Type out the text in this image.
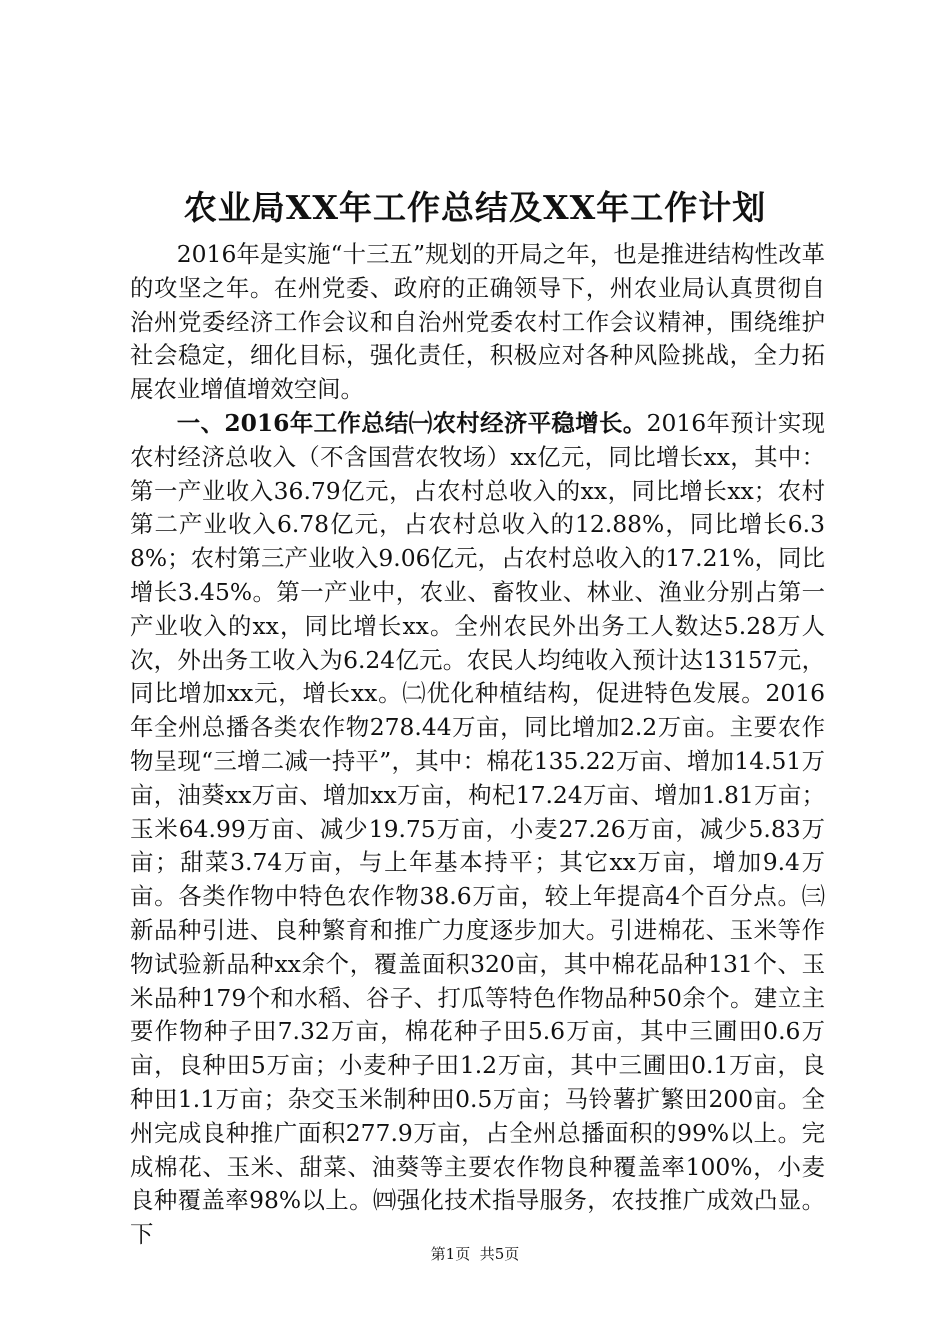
农业局XX年工作总结及XX年工作计划

2016年是实施“十三五”规划的开局之年，也是推进结构性改革的攻坚之年。在州党委、政府的正确领导下，州农业局认真贯彻自治州党委经济工作会议和自治州党委农村工作会议精神，围绕维护社会稳定，细化目标，强化责任，积极应对各种风险挑战，全力拓展农业增值增效空间。

一、2016年工作总结㈠农村经济平稳增长。2016年预计实现农村经济总收入（不含国营农牧场）xx亿元，同比增长xx，其中：第一产业收入36.79亿元，占农村总收入的xx，同比增长xx；农村第二产业收入6.78亿元，占农村总收入的12.88%，同比增长6.38%；农村第三产业收入9.06亿元，占农村总收入的17.21%，同比增长3.45%。第一产业中，农业、畜牧业、林业、渔业分别占第一产业收入的xx，同比增长xx。全州农民外出务工人数达5.28万人次，外出务工收入为6.24亿元。农民人均纯收入预计达13157元，同比增加xx元，增长xx。㈡优化种植结构，促进特色发展。2016年全州总播各类农作物278.44万亩，同比增加2.2万亩。主要农作物呈现“三增二减一持平”，其中：棉花135.22万亩、增加14.51万亩，油葵xx万亩、增加xx万亩，枸杞17.24万亩、增加1.81万亩；玉米64.99万亩、减少19.75万亩，小麦27.26万亩，减少5.83万亩；甜菜3.74万亩，与上年基本持平；其它xx万亩，增加9.4万亩。各类作物中特色农作物38.6万亩，较上年提高4个百分点。㈢新品种引进、良种繁育和推广力度逐步加大。引进棉花、玉米等作物试验新品种xx余个，覆盖面积320亩，其中棉花品种131个、玉米品种179个和水稻、谷子、打瓜等特色作物品种50余个。建立主要作物种子田7.32万亩，棉花种子田5.6万亩，其中三圃田0.6万亩，良种田5万亩；小麦种子田1.2万亩，其中三圃田0.1万亩，良种田1.1万亩；杂交玉米制种田0.5万亩；马铃薯扩繁田200亩。全州完成良种推广面积277.9万亩，占全州总播面积的99%以上。完成棉花、玉米、甜菜、油葵等主要农作物良种覆盖率100%，小麦良种覆盖率98%以上。㈣强化技术指导服务，农技推广成效凸显。下

第1页 共5页
